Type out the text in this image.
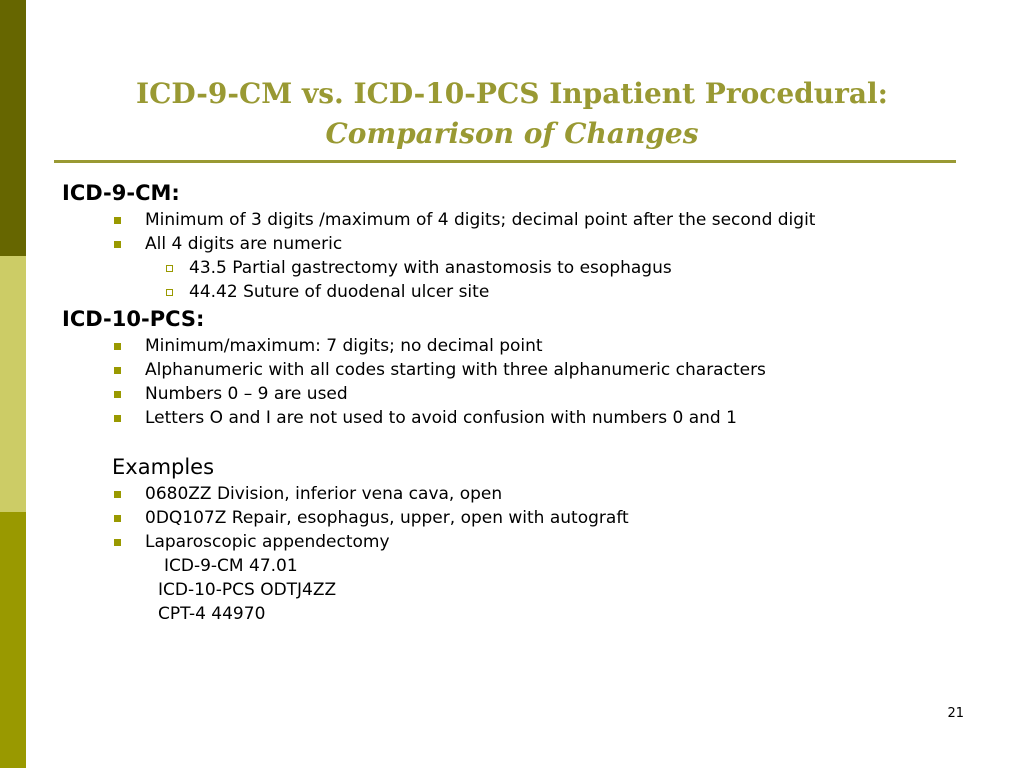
ICD-9-CM vs. ICD-10-PCS Inpatient Procedural:
Comparison of Changes
ICD-9-CM:
Minimum of 3 digits /maximum of 4 digits; decimal point after the second digit
All 4 digits are numeric
43.5 Partial gastrectomy with anastomosis to esophagus
44.42 Suture of duodenal ulcer site
ICD-10-PCS:
Minimum/maximum: 7 digits; no decimal point
Alphanumeric with all codes starting with three alphanumeric characters
Numbers 0 – 9 are used
Letters O and I are not used to avoid confusion with numbers 0 and 1
Examples
0680ZZ Division, inferior vena cava, open
0DQ107Z Repair, esophagus, upper, open with autograft
Laparoscopic appendectomy
ICD-9-CM 47.01
ICD-10-PCS ODTJ4ZZ
CPT-4 44970
21
